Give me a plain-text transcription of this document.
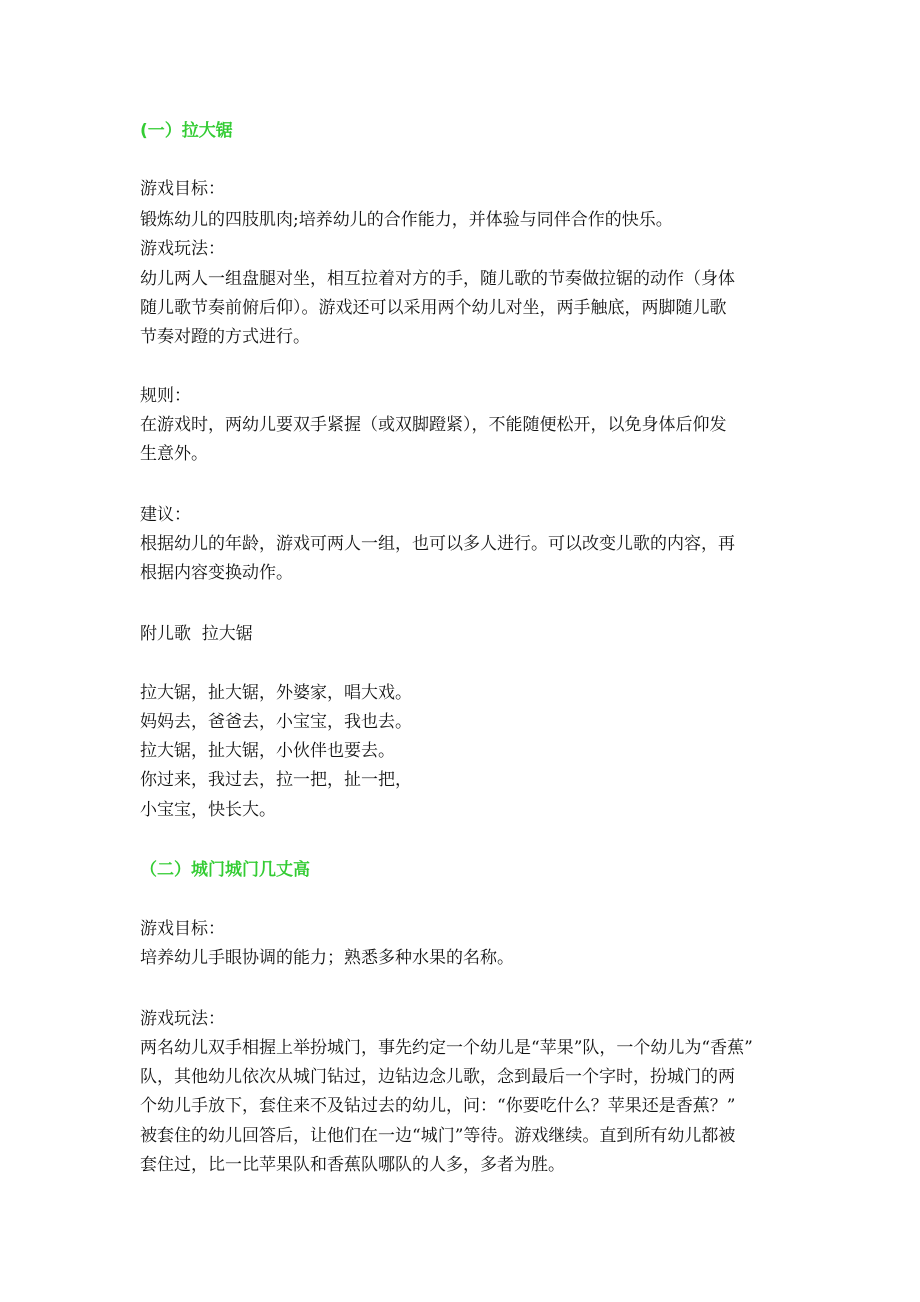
(一）拉大锯
游戏目标：
锻炼幼儿的四肢肌肉;培养幼儿的合作能力，并体验与同伴合作的快乐。
游戏玩法：
幼儿两人一组盘腿对坐，相互拉着对方的手，随儿歌的节奏做拉锯的动作（身体
随儿歌节奏前俯后仰）。游戏还可以采用两个幼儿对坐，两手触底，两脚随儿歌
节奏对蹬的方式进行。
规则：
在游戏时，两幼儿要双手紧握（或双脚蹬紧），不能随便松开，以免身体后仰发
生意外。
建议：
根据幼儿的年龄，游戏可两人一组，也可以多人进行。可以改变儿歌的内容，再
根据内容变换动作。
附儿歌  拉大锯
拉大锯，扯大锯，外婆家，唱大戏。
妈妈去，爸爸去，小宝宝，我也去。
拉大锯，扯大锯，小伙伴也要去。
你过来，我过去，拉一把，扯一把，
小宝宝，快长大。
（二）城门城门几丈高
游戏目标：
培养幼儿手眼协调的能力；熟悉多种水果的名称。
游戏玩法：
两名幼儿双手相握上举扮城门，事先约定一个幼儿是“苹果”队，一个幼儿为“香蕉”
队，其他幼儿依次从城门钻过，边钻边念儿歌，念到最后一个字时，扮城门的两
个幼儿手放下，套住来不及钻过去的幼儿，问：“你要吃什么？苹果还是香蕉？”
被套住的幼儿回答后，让他们在一边“城门”等待。游戏继续。直到所有幼儿都被
套住过，比一比苹果队和香蕉队哪队的人多，多者为胜。
